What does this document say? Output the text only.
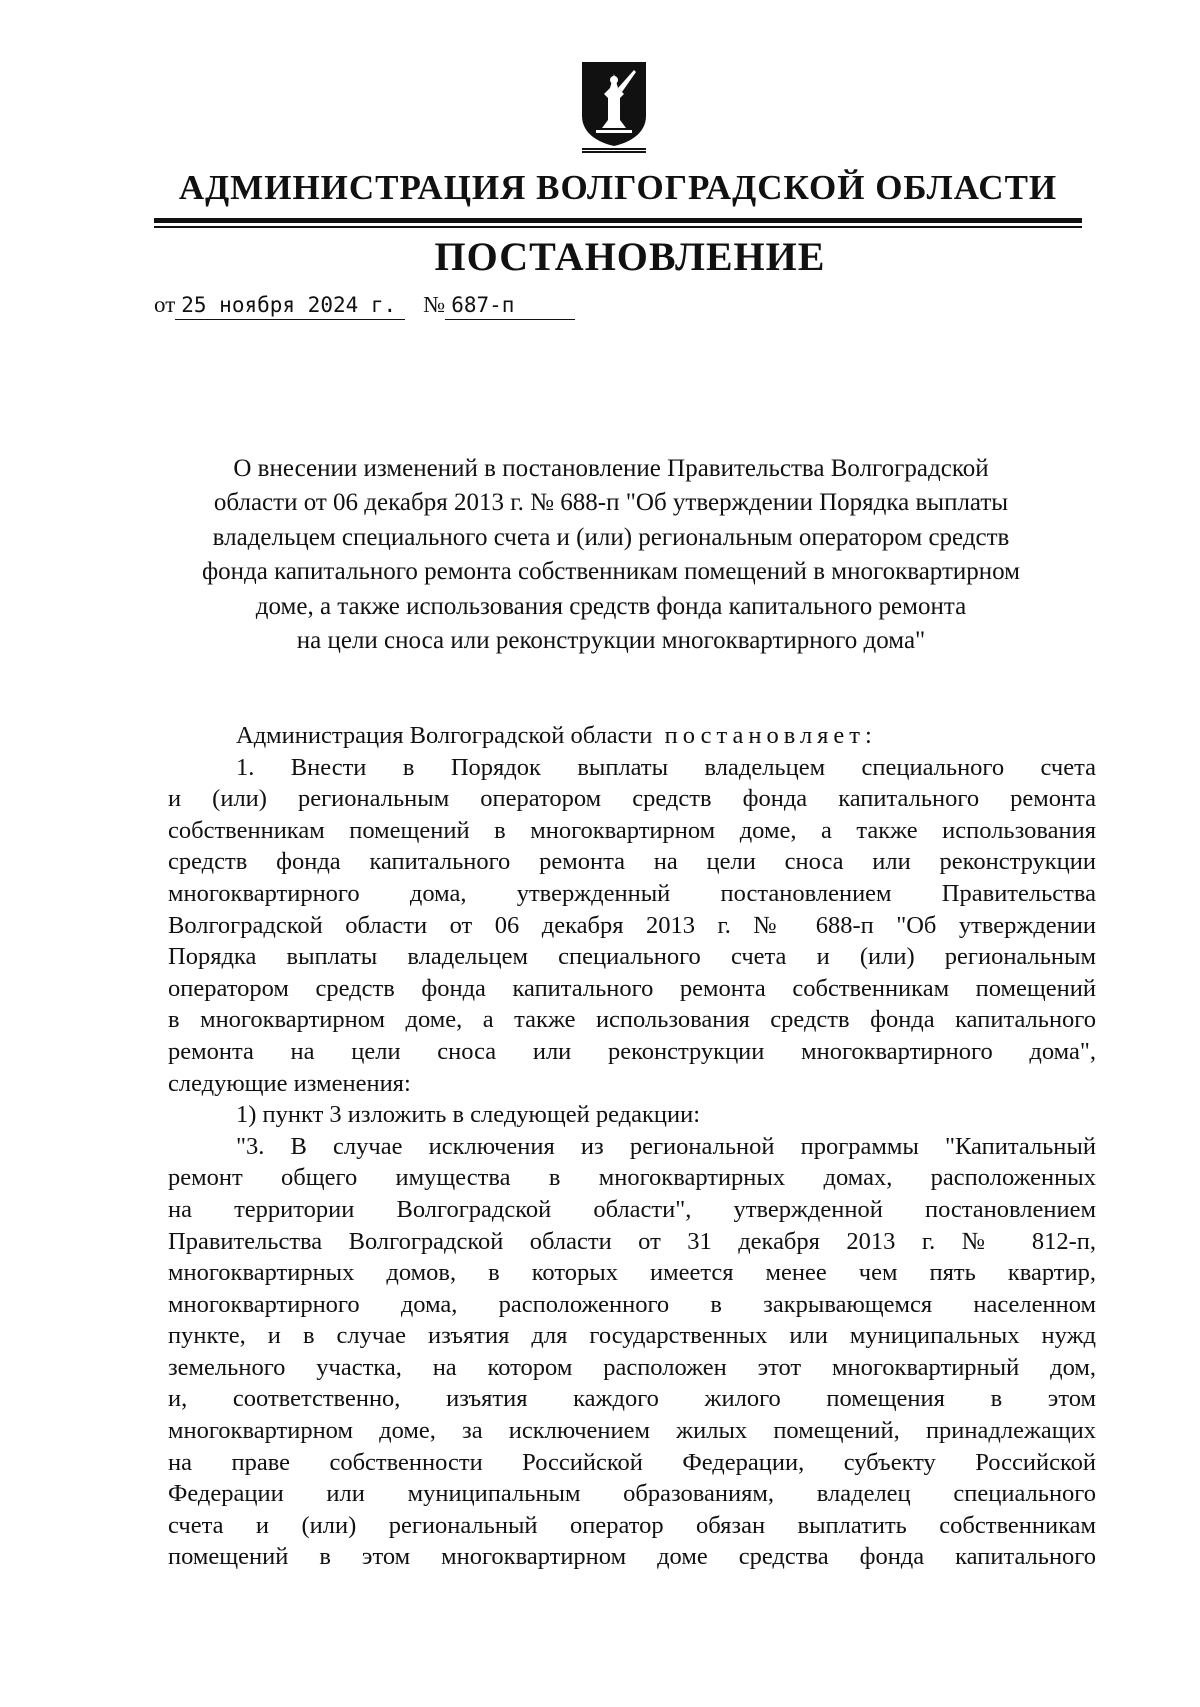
АДМИНИСТРАЦИЯ ВОЛГОГРАДСКОЙ ОБЛАСТИ
ПОСТАНОВЛЕНИЕ
от 25 ноября 2024 г. № 687-п
О внесении изменений в постановление Правительства Волгоградской
области от 06 декабря 2013 г. № 688-п "Об утверждении Порядка выплаты
владельцем специального счета и (или) региональным оператором средств
фонда капитального ремонта собственникам помещений в многоквартирном
доме, а также использования средств фонда капитального ремонта
на цели сноса или реконструкции многоквартирного дома"
Администрация Волгоградской области постановляет:
1. Внести в Порядок выплаты владельцем специального счета
и (или) региональным оператором средств фонда капитального ремонта
собственникам помещений в многоквартирном доме, а также использования
средств фонда капитального ремонта на цели сноса или реконструкции
многоквартирного дома, утвержденный постановлением Правительства
Волгоградской области от 06 декабря 2013 г. № 688-п "Об утверждении
Порядка выплаты владельцем специального счета и (или) региональным
оператором средств фонда капитального ремонта собственникам помещений
в многоквартирном доме, а также использования средств фонда капитального
ремонта на цели сноса или реконструкции многоквартирного дома",
следующие изменения:
1) пункт 3 изложить в следующей редакции:
"3. В случае исключения из региональной программы "Капитальный
ремонт общего имущества в многоквартирных домах, расположенных
на территории Волгоградской области", утвержденной постановлением
Правительства Волгоградской области от 31 декабря 2013 г. № 812-п,
многоквартирных домов, в которых имеется менее чем пять квартир,
многоквартирного дома, расположенного в закрывающемся населенном
пункте, и в случае изъятия для государственных или муниципальных нужд
земельного участка, на котором расположен этот многоквартирный дом,
и, соответственно, изъятия каждого жилого помещения в этом
многоквартирном доме, за исключением жилых помещений, принадлежащих
на праве собственности Российской Федерации, субъекту Российской
Федерации или муниципальным образованиям, владелец специального
счета и (или) региональный оператор обязан выплатить собственникам
помещений в этом многоквартирном доме средства фонда капитального
